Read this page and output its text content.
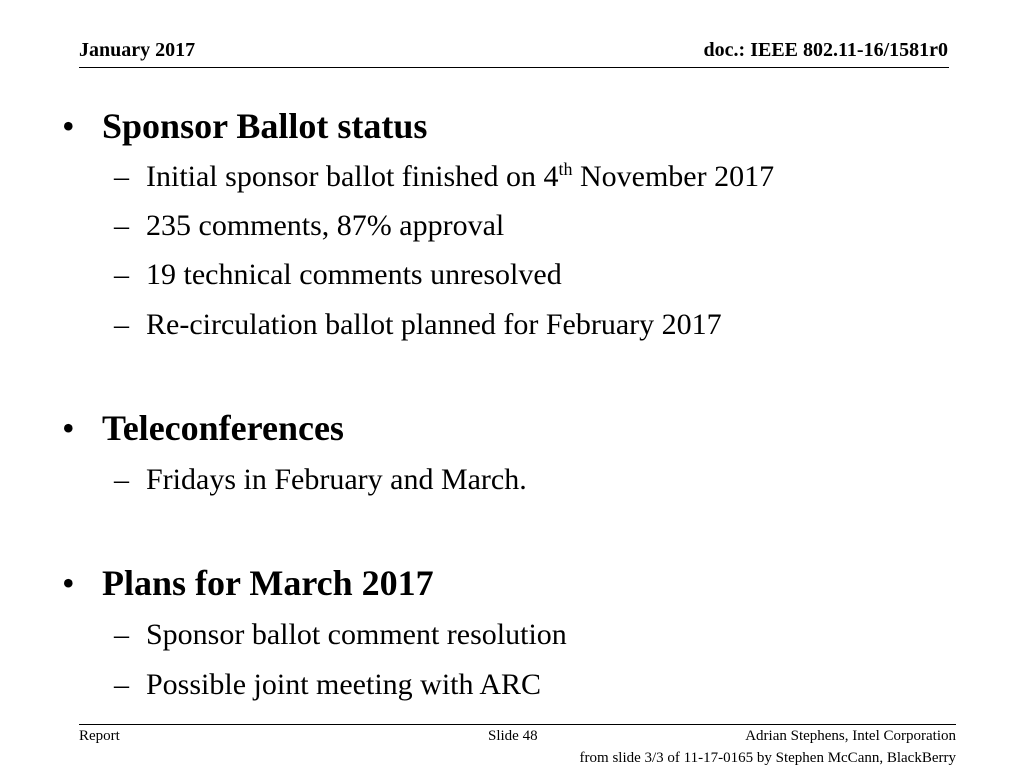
January 2017	doc.: IEEE 802.11-16/1581r0
• Sponsor Ballot status
– Initial sponsor ballot finished on 4th November 2017
– 235 comments, 87% approval
– 19 technical comments unresolved
– Re-circulation ballot planned for February 2017
• Teleconferences
– Fridays in February and March.
• Plans for March 2017
– Sponsor ballot comment resolution
– Possible joint meeting with ARC
Report	Slide 48	Adrian Stephens, Intel Corporation
from slide 3/3 of 11-17-0165 by Stephen McCann, BlackBerry
